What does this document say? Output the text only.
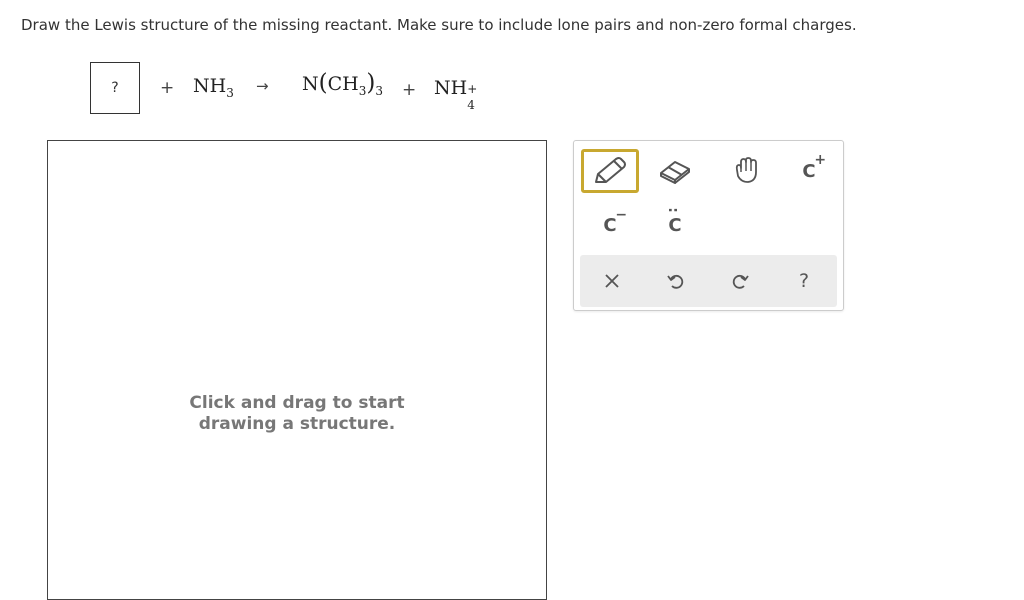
Draw the Lewis structure of the missing reactant. Make sure to include lone pairs and non-zero formal charges.
? + $NH_3 \to N(CH_3)_3$ + NH +
4
Click and drag to start
drawing a structure.
C
+
C
− C
:
?
